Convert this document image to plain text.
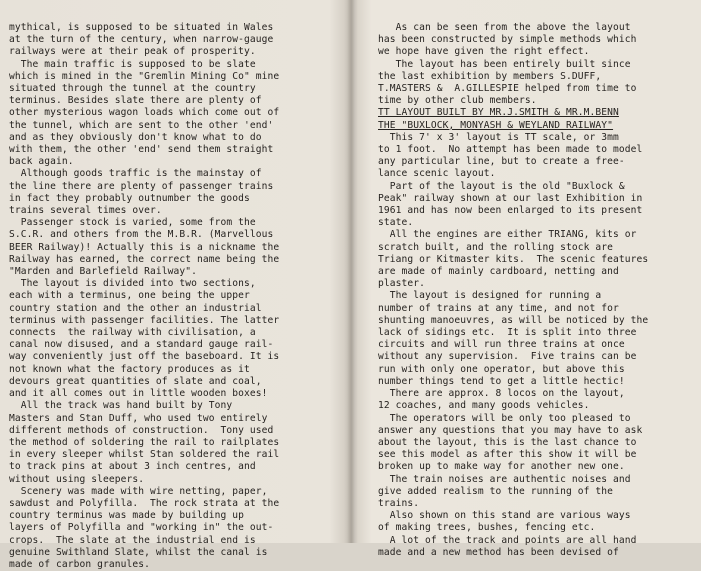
mythical, is supposed to be situated in Wales
at the turn of the century, when narrow-gauge
railways were at their peak of prosperity.
The main traffic is supposed to be slate
which is mined in the "Gremlin Mining Co" mine
situated through the tunnel at the country
terminus. Besides slate there are plenty of
other mysterious wagon loads which come out of
the tunnel, which are sent to the other 'end'
and as they obviously don't know what to do
with them, the other 'end' send them straight
back again.
Although goods traffic is the mainstay of
the line there are plenty of passenger trains
in fact they probably outnumber the goods
trains several times over.
Passenger stock is varied, some from the
S.C.R. and others from the M.B.R. (Marvellous
BEER Railway)! Actually this is a nickname the
Railway has earned, the correct name being the
"Marden and Barlefield Railway".
The layout is divided into two sections,
each with a terminus, one being the upper
country station and the other an industrial
terminus with passenger facilities. The latter
connects  the railway with civilisation, a
canal now disused, and a standard gauge rail-
way conveniently just off the baseboard. It is
not known what the factory produces as it
devours great quantities of slate and coal,
and it all comes out in little wooden boxes!
All the track was hand built by Tony
Masters and Stan Duff, who used two entirely
different methods of construction.  Tony used
the method of soldering the rail to railplates
in every sleeper whilst Stan soldered the rail
to track pins at about 3 inch centres, and
without using sleepers.
Scenery was made with wire netting, paper,
sawdust and Polyfilla.  The rock strata at the
country terminus was made by building up
layers of Polyfilla and "working in" the out-
crops.  The slate at the industrial end is
genuine Swithland Slate, whilst the canal is
made of carbon granules.
As can be seen from the above the layout
has been constructed by simple methods which
we hope have given the right effect.
The layout has been entirely built since
the last exhibition by members S.DUFF,
T.MASTERS &  A.GILLESPIE helped from time to
time by other club members.
TT LAYOUT BUILT BY MR.J.SMITH & MR.M.BENN
THE "BUXLOCK, MONYASH & WEYLAND RAILWAY"
This 7' x 3' layout is TT scale, or 3mm
to 1 foot.  No attempt has been made to model
any particular line, but to create a free-
lance scenic layout.
Part of the layout is the old "Buxlock &
Peak" railway shown at our last Exhibition in
1961 and has now been enlarged to its present
state.
All the engines are either TRIANG, kits or
scratch built, and the rolling stock are
Triang or Kitmaster kits.  The scenic features
are made of mainly cardboard, netting and
plaster.
The layout is designed for running a
number of trains at any time, and not for
shunting manoeuvres, as will be noticed by the
lack of sidings etc.  It is split into three
circuits and will run three trains at once
without any supervision.  Five trains can be
run with only one operator, but above this
number things tend to get a little hectic!
There are approx. 8 locos on the layout,
12 coaches, and many goods vehicles.
The operators will be only too pleased to
answer any questions that you may have to ask
about the layout, this is the last chance to
see this model as after this show it will be
broken up to make way for another new one.
The train noises are authentic noises and
give added realism to the running of the
trains.
Also shown on this stand are various ways
of making trees, bushes, fencing etc.
A lot of the track and points are all hand
made and a new method has been devised of
